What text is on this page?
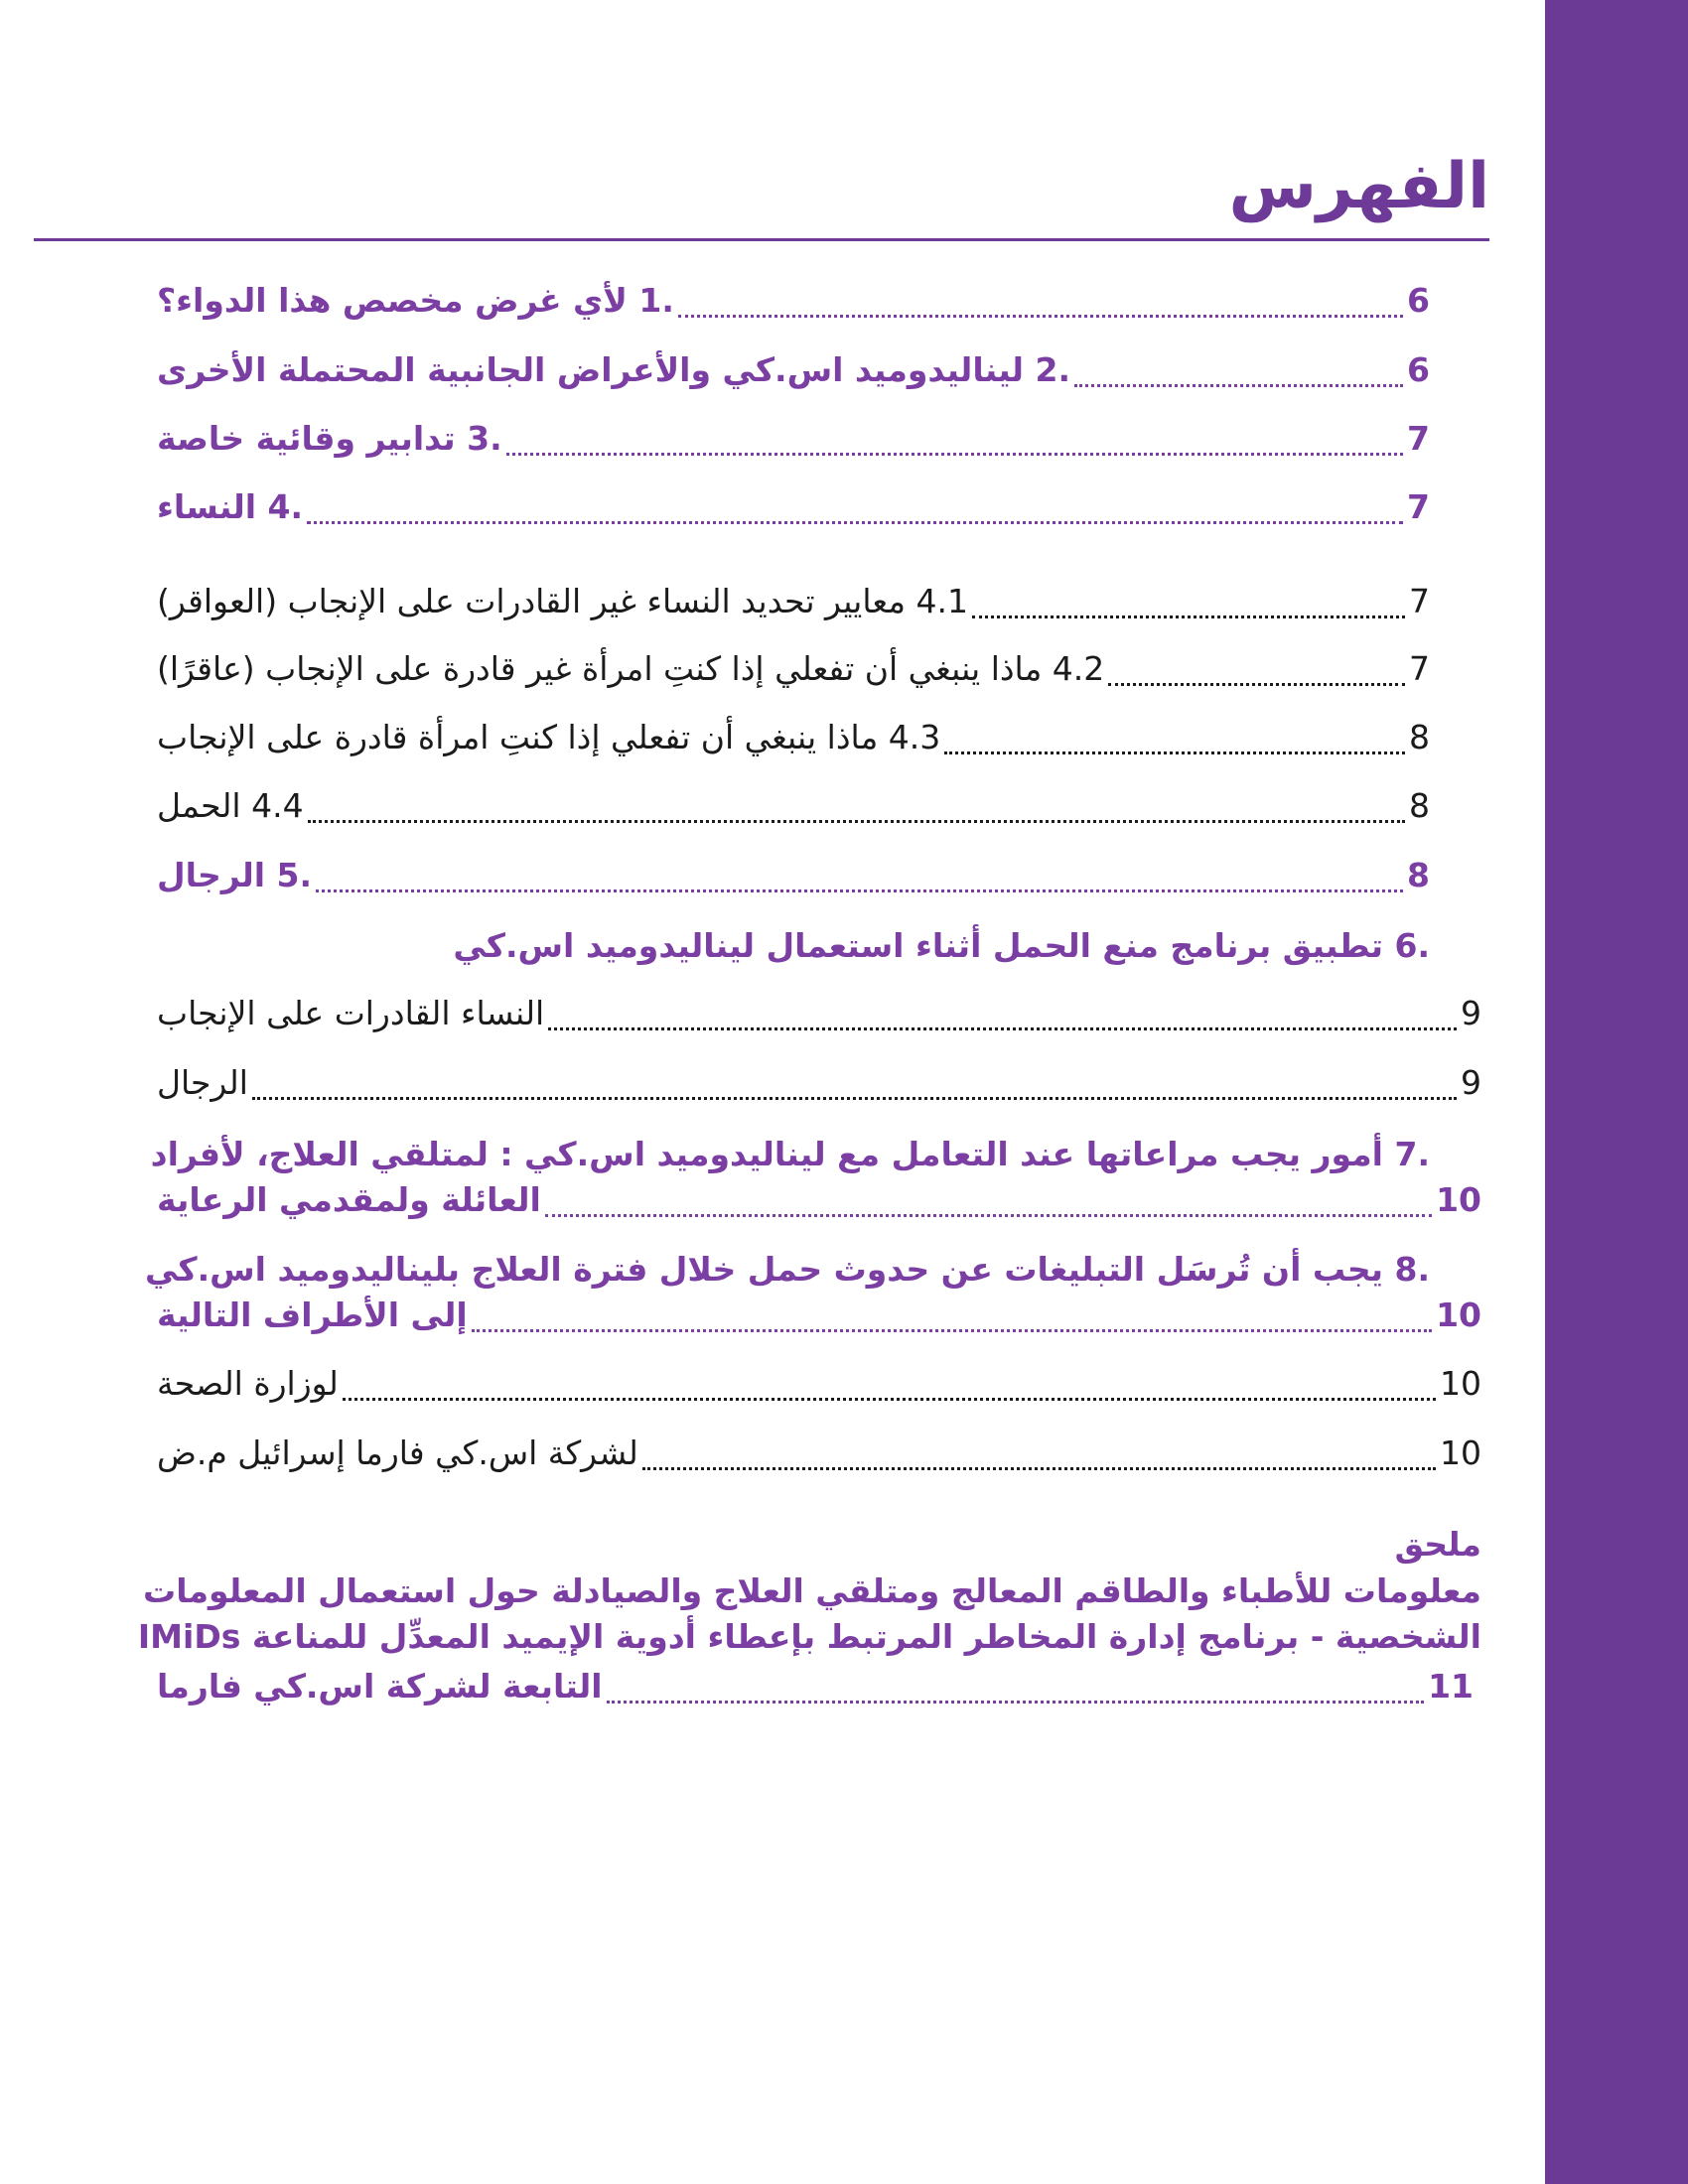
الفهرس
.1 لأي غرض مخصص هذا الدواء؟	6
.2 ليناليدوميد اس.كي والأعراض الجانبية المحتملة الأخرى	6
.3 تدابير وقائية خاصة	7
.4 النساء	7
4.1 معايير تحديد النساء غير القادرات على الإنجاب (العواقر)	7
4.2 ماذا ينبغي أن تفعلي إذا كنتِ امرأة غير قادرة على الإنجاب (عاقرًا)	7
4.3 ماذا ينبغي أن تفعلي إذا كنتِ امرأة قادرة على الإنجاب	8
4.4 الحمل	8
.5 الرجال	8
.6 تطبيق برنامج منع الحمل أثناء استعمال ليناليدوميد اس.كي
النساء القادرات على الإنجاب	9
الرجال	9
.7 أمور يجب مراعاتها عند التعامل مع ليناليدوميد اس.كي : لمتلقي العلاج، لأفراد
العائلة ولمقدمي الرعاية	10
.8 يجب أن تُرسَل التبليغات عن حدوث حمل خلال فترة العلاج بليناليدوميد اس.كي
إلى الأطراف التالية	10
لوزارة الصحة	10
لشركة اس.كي فارما إسرائيل م.ض	10
ملحق
معلومات للأطباء والطاقم المعالج ومتلقي العلاج والصيادلة حول استعمال المعلومات
الشخصية - برنامج إدارة المخاطر المرتبط بإعطاء أدوية الإيميد المعدِّل للمناعة IMiDs
التابعة لشركة اس.كي فارما	11
